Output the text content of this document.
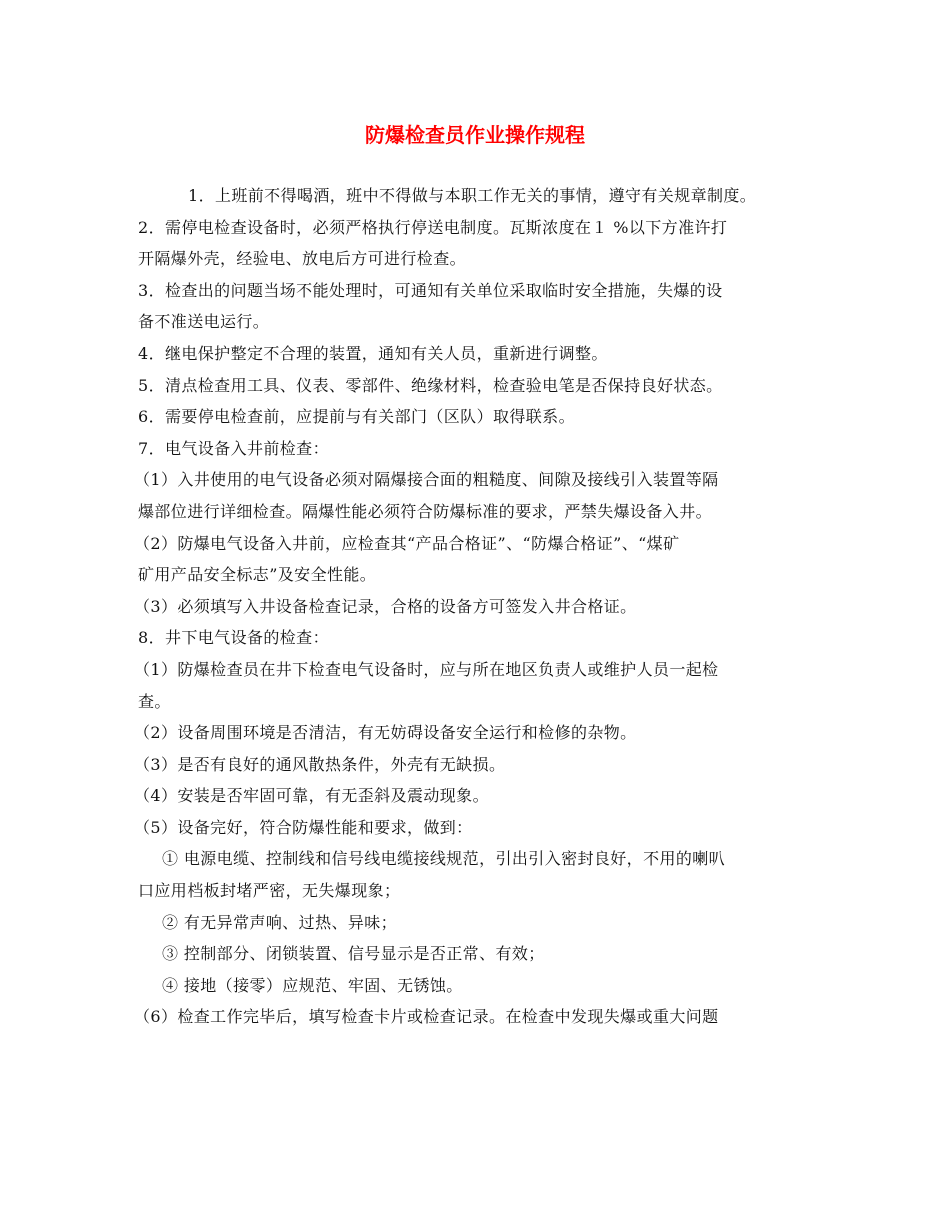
防爆检查员作业操作规程
1．上班前不得喝酒，班中不得做与本职工作无关的事情，遵守有关规章制度。
2．需停电检查设备时，必须严格执行停送电制度。瓦斯浓度在１ %以下方准许打
开隔爆外壳，经验电、放电后方可进行检查。
3．检查出的问题当场不能处理时，可通知有关单位采取临时安全措施，失爆的设
备不准送电运行。
4．继电保护整定不合理的装置，通知有关人员，重新进行调整。
5．清点检查用工具、仪表、零部件、绝缘材料，检查验电笔是否保持良好状态。
6．需要停电检查前，应提前与有关部门（区队）取得联系。
7．电气设备入井前检查：
（1）入井使用的电气设备必须对隔爆接合面的粗糙度、间隙及接线引入装置等隔
爆部位进行详细检查。隔爆性能必须符合防爆标准的要求，严禁失爆设备入井。
（2）防爆电气设备入井前，应检查其“产品合格证”、“防爆合格证”、“煤矿
矿用产品安全标志”及安全性能。
（3）必须填写入井设备检查记录，合格的设备方可签发入井合格证。
8．井下电气设备的检查：
（1）防爆检查员在井下检查电气设备时，应与所在地区负责人或维护人员一起检
查。
（2）设备周围环境是否清洁，有无妨碍设备安全运行和检修的杂物。
（3）是否有良好的通风散热条件，外壳有无缺损。
（4）安装是否牢固可靠，有无歪斜及震动现象。
（5）设备完好，符合防爆性能和要求，做到：
① 电源电缆、控制线和信号线电缆接线规范，引出引入密封良好，不用的喇叭
口应用档板封堵严密，无失爆现象；
② 有无异常声响、过热、异味；
③ 控制部分、闭锁装置、信号显示是否正常、有效；
④ 接地（接零）应规范、牢固、无锈蚀。
（6）检查工作完毕后，填写检查卡片或检查记录。在检查中发现失爆或重大问题
